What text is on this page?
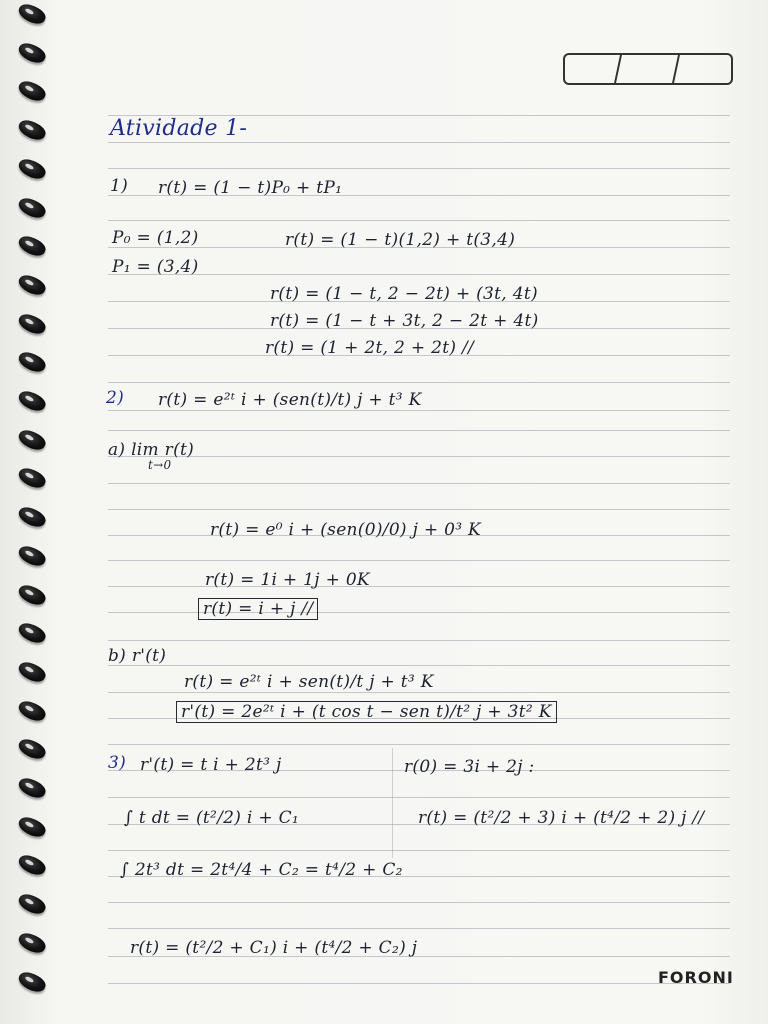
Atividade 1-
1) r(t) = (1 − t)P₀ + tP₁
P₀ = (1,2)
P₁ = (3,4)
r(t) = (1 − t)(1,2) + t(3,4)
r(t) = (1 − t, 2 − 2t) + (3t, 4t)
r(t) = (1 − t + 3t, 2 − 2t + 4t)
r(t) = (1 + 2t, 2 + 2t) //
2) r(t) = e²ᵗ i + (sen(t)/t) j + t³ K
a) lim r(t)
t→0
r(t) = e⁰ i + (sen(0)/0) j + 0³ K
r(t) = 1i + 1j + 0K
r(t) = i + j //
b) r'(t)
r(t) = e²ᵗ i + sen(t)/t j + t³ K
r'(t) = 2e²ᵗ i + (t cos t − sen t)/t² j + 3t² K
3) r'(t) = t i + 2t³ j	r(0) = 3i + 2j :
∫ t dt = (t²/2) i + C₁	r(t) = (t²/2 + 3) i + (t⁴/2 + 2) j //
∫ 2t³ dt = 2t⁴/4 + C₂ = t⁴/2 + C₂
r(t) = (t²/2 + C₁) i + (t⁴/2 + C₂) j
FORONI
